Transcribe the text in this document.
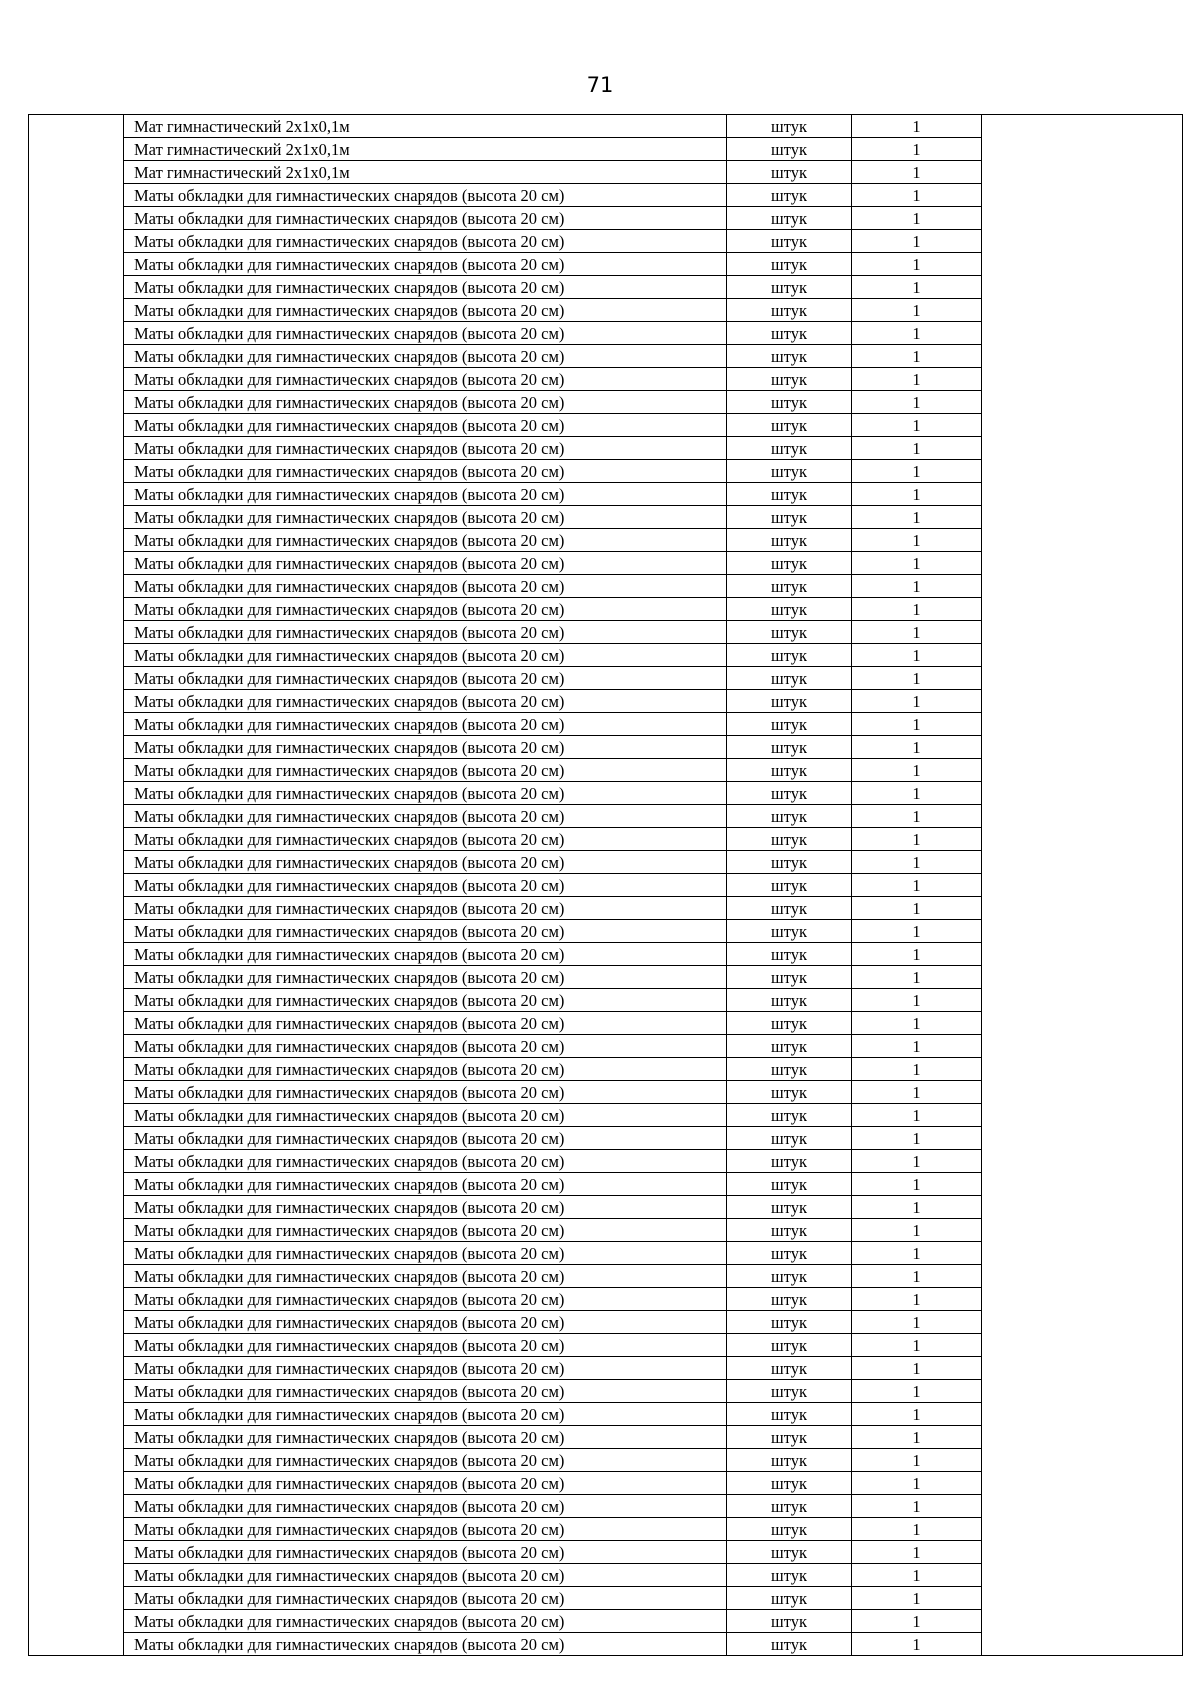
71
	Мат гимнастический 2х1х0,1м	штук	1	
	Мат гимнастический 2х1х0,1м	штук	1	
	Мат гимнастический 2х1х0,1м	штук	1	
	Маты обкладки для гимнастических снарядов (высота 20 см)	штук	1	
	Маты обкладки для гимнастических снарядов (высота 20 см)	штук	1	
	Маты обкладки для гимнастических снарядов (высота 20 см)	штук	1	
	Маты обкладки для гимнастических снарядов (высота 20 см)	штук	1	
	Маты обкладки для гимнастических снарядов (высота 20 см)	штук	1	
	Маты обкладки для гимнастических снарядов (высота 20 см)	штук	1	
	Маты обкладки для гимнастических снарядов (высота 20 см)	штук	1	
	Маты обкладки для гимнастических снарядов (высота 20 см)	штук	1	
	Маты обкладки для гимнастических снарядов (высота 20 см)	штук	1	
	Маты обкладки для гимнастических снарядов (высота 20 см)	штук	1	
	Маты обкладки для гимнастических снарядов (высота 20 см)	штук	1	
	Маты обкладки для гимнастических снарядов (высота 20 см)	штук	1	
	Маты обкладки для гимнастических снарядов (высота 20 см)	штук	1	
	Маты обкладки для гимнастических снарядов (высота 20 см)	штук	1	
	Маты обкладки для гимнастических снарядов (высота 20 см)	штук	1	
	Маты обкладки для гимнастических снарядов (высота 20 см)	штук	1	
	Маты обкладки для гимнастических снарядов (высота 20 см)	штук	1	
	Маты обкладки для гимнастических снарядов (высота 20 см)	штук	1	
	Маты обкладки для гимнастических снарядов (высота 20 см)	штук	1	
	Маты обкладки для гимнастических снарядов (высота 20 см)	штук	1	
	Маты обкладки для гимнастических снарядов (высота 20 см)	штук	1	
	Маты обкладки для гимнастических снарядов (высота 20 см)	штук	1	
	Маты обкладки для гимнастических снарядов (высота 20 см)	штук	1	
	Маты обкладки для гимнастических снарядов (высота 20 см)	штук	1	
	Маты обкладки для гимнастических снарядов (высота 20 см)	штук	1	
	Маты обкладки для гимнастических снарядов (высота 20 см)	штук	1	
	Маты обкладки для гимнастических снарядов (высота 20 см)	штук	1	
	Маты обкладки для гимнастических снарядов (высота 20 см)	штук	1	
	Маты обкладки для гимнастических снарядов (высота 20 см)	штук	1	
	Маты обкладки для гимнастических снарядов (высота 20 см)	штук	1	
	Маты обкладки для гимнастических снарядов (высота 20 см)	штук	1	
	Маты обкладки для гимнастических снарядов (высота 20 см)	штук	1	
	Маты обкладки для гимнастических снарядов (высота 20 см)	штук	1	
	Маты обкладки для гимнастических снарядов (высота 20 см)	штук	1	
	Маты обкладки для гимнастических снарядов (высота 20 см)	штук	1	
	Маты обкладки для гимнастических снарядов (высота 20 см)	штук	1	
	Маты обкладки для гимнастических снарядов (высота 20 см)	штук	1	
	Маты обкладки для гимнастических снарядов (высота 20 см)	штук	1	
	Маты обкладки для гимнастических снарядов (высота 20 см)	штук	1	
	Маты обкладки для гимнастических снарядов (высота 20 см)	штук	1	
	Маты обкладки для гимнастических снарядов (высота 20 см)	штук	1	
	Маты обкладки для гимнастических снарядов (высота 20 см)	штук	1	
	Маты обкладки для гимнастических снарядов (высота 20 см)	штук	1	
	Маты обкладки для гимнастических снарядов (высота 20 см)	штук	1	
	Маты обкладки для гимнастических снарядов (высота 20 см)	штук	1	
	Маты обкладки для гимнастических снарядов (высота 20 см)	штук	1	
	Маты обкладки для гимнастических снарядов (высота 20 см)	штук	1	
	Маты обкладки для гимнастических снарядов (высота 20 см)	штук	1	
	Маты обкладки для гимнастических снарядов (высота 20 см)	штук	1	
	Маты обкладки для гимнастических снарядов (высота 20 см)	штук	1	
	Маты обкладки для гимнастических снарядов (высота 20 см)	штук	1	
	Маты обкладки для гимнастических снарядов (высота 20 см)	штук	1	
	Маты обкладки для гимнастических снарядов (высота 20 см)	штук	1	
	Маты обкладки для гимнастических снарядов (высота 20 см)	штук	1	
	Маты обкладки для гимнастических снарядов (высота 20 см)	штук	1	
	Маты обкладки для гимнастических снарядов (высота 20 см)	штук	1	
	Маты обкладки для гимнастических снарядов (высота 20 см)	штук	1	
	Маты обкладки для гимнастических снарядов (высота 20 см)	штук	1	
	Маты обкладки для гимнастических снарядов (высота 20 см)	штук	1	
	Маты обкладки для гимнастических снарядов (высота 20 см)	штук	1	
	Маты обкладки для гимнастических снарядов (высота 20 см)	штук	1	
	Маты обкладки для гимнастических снарядов (высота 20 см)	штук	1	
	Маты обкладки для гимнастических снарядов (высота 20 см)	штук	1	
	Маты обкладки для гимнастических снарядов (высота 20 см)	штук	1	
